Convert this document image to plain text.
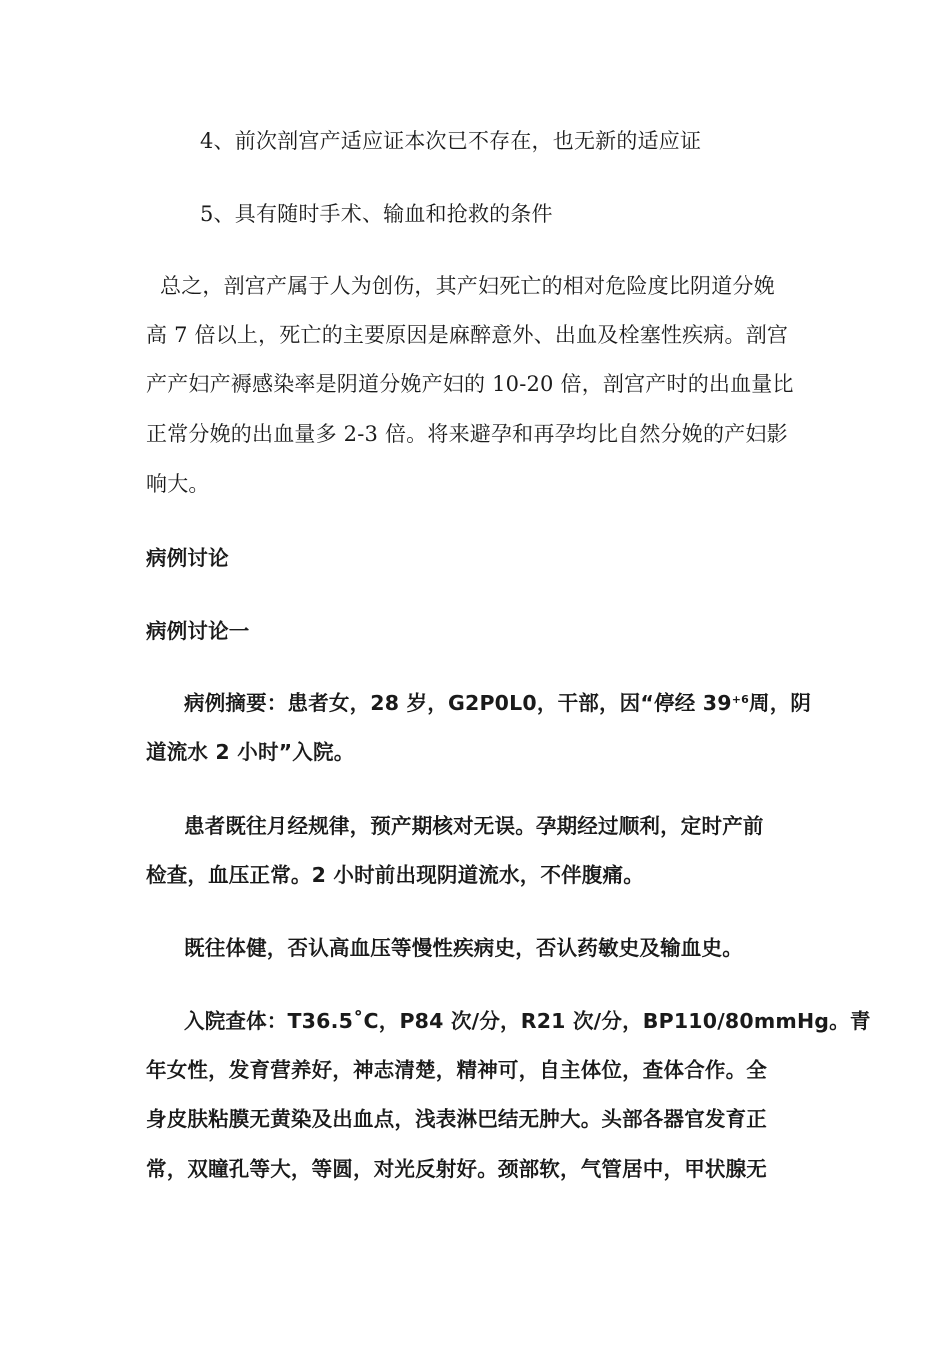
4、前次剖宫产适应证本次已不存在，也无新的适应证
5、具有随时手术、输血和抢救的条件
总之，剖宫产属于人为创伤，其产妇死亡的相对危险度比阴道分娩
高 7 倍以上，死亡的主要原因是麻醉意外、出血及栓塞性疾病。剖宫
产产妇产褥感染率是阴道分娩产妇的 10-20 倍，剖宫产时的出血量比
正常分娩的出血量多 2-3 倍。将来避孕和再孕均比自然分娩的产妇影
响大。
病例讨论
病例讨论一
病例摘要：患者女，28 岁，G2P0L0，干部，因“停经 $39^{+6}$周，阴
道流水 2 小时”入院。
患者既往月经规律，预产期核对无误。孕期经过顺利，定时产前
检查，血压正常。2 小时前出现阴道流水，不伴腹痛。
既往体健，否认高血压等慢性疾病史，否认药敏史及输血史。
入院查体：T36.5˚C，P84 次/分，R21 次/分，BP110/80mmHg。青
年女性，发育营养好，神志清楚，精神可，自主体位，查体合作。全
身皮肤粘膜无黄染及出血点，浅表淋巴结无肿大。头部各器官发育正
常，双瞳孔等大，等圆，对光反射好。颈部软，气管居中，甲状腺无
